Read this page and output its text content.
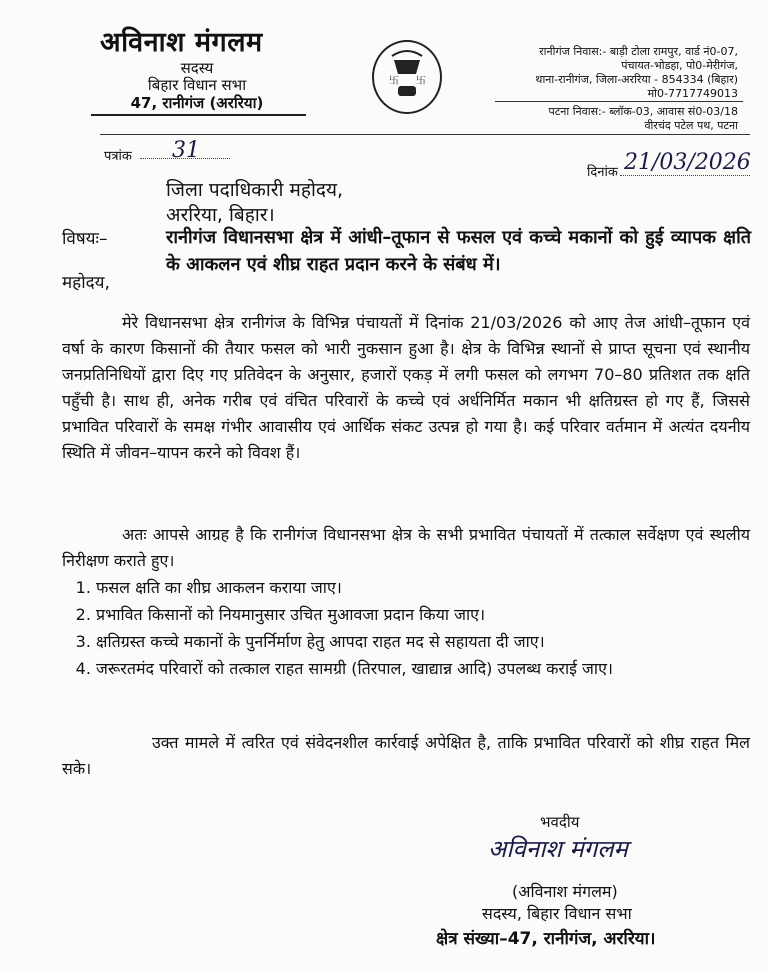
अविनाश मंगलम
सदस्य
बिहार विधान सभा
47, रानीगंज (अररिया)
卐 卐
रानीगंज निवास:- बाड़ी टोला रामपुर, वार्ड नं0-07,
पंचायत-भोडहा, पो0-मेरीगंज,
थाना-रानीगंज, जिला-अररिया - 854334 (बिहार)
मो0-7717749013
पटना निवास:- ब्लॉक-03, आवास सं0-03/18
वीरचंद पटेल पथ, पटना
पत्रांक 31
दिनांक 21/03/2026
जिला पदाधिकारी महोदय,
अररिया, बिहार।
विषयः–	रानीगंज विधानसभा क्षेत्र में आंधी–तूफान से फसल एवं कच्चे मकानों को हुई व्यापक क्षति के आकलन एवं शीघ्र राहत प्रदान करने के संबंध में।
महोदय,
मेरे विधानसभा क्षेत्र रानीगंज के विभिन्न पंचायतों में दिनांक 21/03/2026 को आए तेज आंधी–तूफान एवं वर्षा के कारण किसानों की तैयार फसल को भारी नुकसान हुआ है। क्षेत्र के विभिन्न स्थानों से प्राप्त सूचना एवं स्थानीय जनप्रतिनिधियों द्वारा दिए गए प्रतिवेदन के अनुसार, हजारों एकड़ में लगी फसल को लगभग 70–80 प्रतिशत तक क्षति पहुँची है। साथ ही, अनेक गरीब एवं वंचित परिवारों के कच्चे एवं अर्धनिर्मित मकान भी क्षतिग्रस्त हो गए हैं, जिससे प्रभावित परिवारों के समक्ष गंभीर आवासीय एवं आर्थिक संकट उत्पन्न हो गया है। कई परिवार वर्तमान में अत्यंत दयनीय स्थिति में जीवन–यापन करने को विवश हैं।
अतः आपसे आग्रह है कि रानीगंज विधानसभा क्षेत्र के सभी प्रभावित पंचायतों में तत्काल सर्वेक्षण एवं स्थलीय निरीक्षण कराते हुए।
1. फसल क्षति का शीघ्र आकलन कराया जाए।
2. प्रभावित किसानों को नियमानुसार उचित मुआवजा प्रदान किया जाए।
3. क्षतिग्रस्त कच्चे मकानों के पुनर्निर्माण हेतु आपदा राहत मद से सहायता दी जाए।
4. जरूरतमंद परिवारों को तत्काल राहत सामग्री (तिरपाल, खाद्यान्न आदि) उपलब्ध कराई जाए।
उक्त मामले में त्वरित एवं संवेदनशील कार्रवाई अपेक्षित है, ताकि प्रभावित परिवारों को शीघ्र राहत मिल सके।
भवदीय
अविनाश मंगलम
(अविनाश मंगलम)
सदस्य, बिहार विधान सभा
क्षेत्र संख्या–47, रानीगंज, अररिया।
